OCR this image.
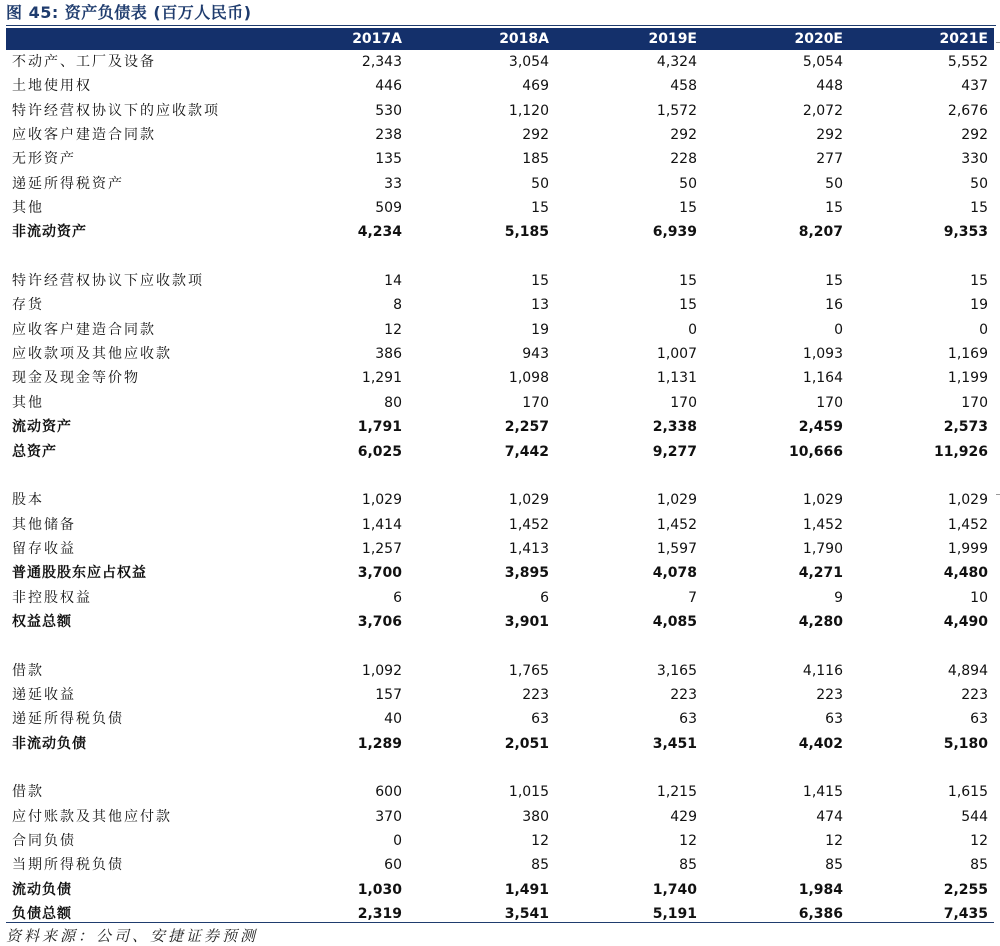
图 45: 资产负债表 (百万人民币)
2017A	2018A	2019E	2020E	2021E
不动产、工厂及设备	2,343	3,054	4,324	5,054	5,552
土地使用权	446	469	458	448	437
特许经营权协议下的应收款项	530	1,120	1,572	2,072	2,676
应收客户建造合同款	238	292	292	292	292
无形资产	135	185	228	277	330
递延所得税资产	33	50	50	50	50
其他	509	15	15	15	15
非流动资产	4,234	5,185	6,939	8,207	9,353
特许经营权协议下应收款项	14	15	15	15	15
存货	8	13	15	16	19
应收客户建造合同款	12	19	0	0	0
应收款项及其他应收款	386	943	1,007	1,093	1,169
现金及现金等价物	1,291	1,098	1,131	1,164	1,199
其他	80	170	170	170	170
流动资产	1,791	2,257	2,338	2,459	2,573
总资产	6,025	7,442	9,277	10,666	11,926
股本	1,029	1,029	1,029	1,029	1,029
其他储备	1,414	1,452	1,452	1,452	1,452
留存收益	1,257	1,413	1,597	1,790	1,999
普通股股东应占权益	3,700	3,895	4,078	4,271	4,480
非控股权益	6	6	7	9	10
权益总额	3,706	3,901	4,085	4,280	4,490
借款	1,092	1,765	3,165	4,116	4,894
递延收益	157	223	223	223	223
递延所得税负债	40	63	63	63	63
非流动负债	1,289	2,051	3,451	4,402	5,180
借款	600	1,015	1,215	1,415	1,615
应付账款及其他应付款	370	380	429	474	544
合同负债	0	12	12	12	12
当期所得税负债	60	85	85	85	85
流动负债	1,030	1,491	1,740	1,984	2,255
负债总额	2,319	3,541	5,191	6,386	7,435
资料来源：公司、安捷证券预测
